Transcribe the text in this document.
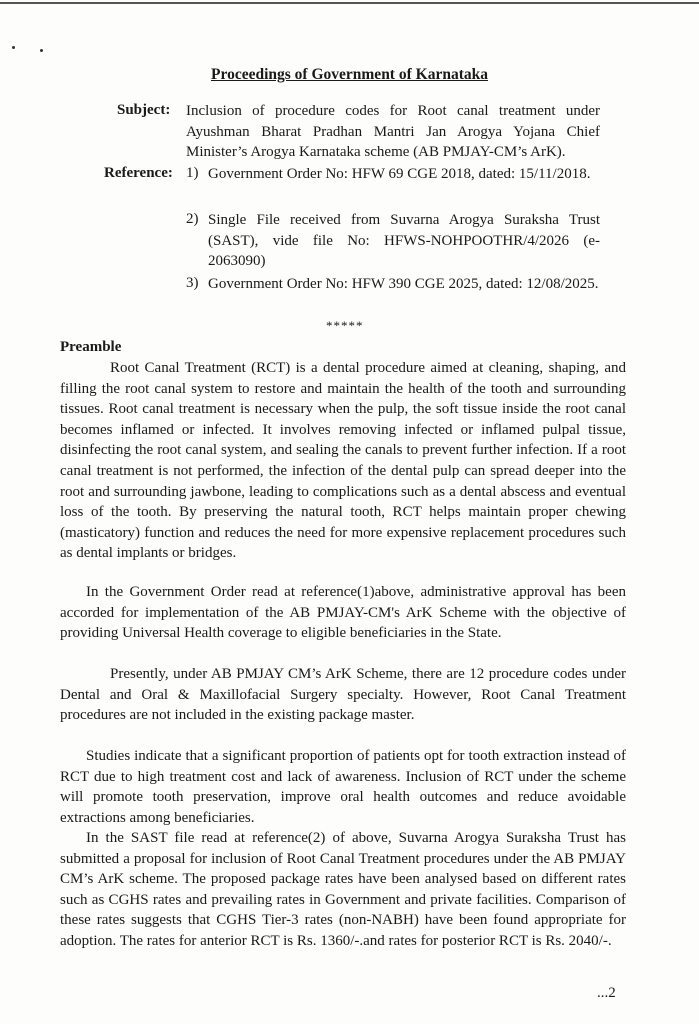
Proceedings of Government of Karnataka
Subject: Inclusion of procedure codes for Root canal treatment under Ayushman Bharat Pradhan Mantri Jan Arogya Yojana Chief Minister’s Arogya Karnataka scheme (AB PMJAY-CM’s ArK).
Reference: 1) Government Order No: HFW 69 CGE 2018, dated: 15/11/2018.
2) Single File received from Suvarna Arogya Suraksha Trust (SAST), vide file No: HFWS-NOHPOOTHR/4/2026 (e-2063090)
3) Government Order No: HFW 390 CGE 2025, dated: 12/08/2025.
*****
Preamble
Root Canal Treatment (RCT) is a dental procedure aimed at cleaning, shaping, and filling the root canal system to restore and maintain the health of the tooth and surrounding tissues. Root canal treatment is necessary when the pulp, the soft tissue inside the root canal becomes inflamed or infected. It involves removing infected or inflamed pulpal tissue, disinfecting the root canal system, and sealing the canals to prevent further infection. If a root canal treatment is not performed, the infection of the dental pulp can spread deeper into the root and surrounding jawbone, leading to complications such as a dental abscess and eventual loss of the tooth. By preserving the natural tooth, RCT helps maintain proper chewing (masticatory) function and reduces the need for more expensive replacement procedures such as dental implants or bridges.
In the Government Order read at reference(1)above, administrative approval has been accorded for implementation of the AB PMJAY-CM's ArK Scheme with the objective of providing Universal Health coverage to eligible beneficiaries in the State.
Presently, under AB PMJAY CM’s ArK Scheme, there are 12 procedure codes under Dental and Oral & Maxillofacial Surgery specialty. However, Root Canal Treatment procedures are not included in the existing package master.
Studies indicate that a significant proportion of patients opt for tooth extraction instead of RCT due to high treatment cost and lack of awareness. Inclusion of RCT under the scheme will promote tooth preservation, improve oral health outcomes and reduce avoidable extractions among beneficiaries.
In the SAST file read at reference(2) of above, Suvarna Arogya Suraksha Trust has submitted a proposal for inclusion of Root Canal Treatment procedures under the AB PMJAY CM’s ArK scheme. The proposed package rates have been analysed based on different rates such as CGHS rates and prevailing rates in Government and private facilities. Comparison of these rates suggests that CGHS Tier-3 rates (non-NABH) have been found appropriate for adoption. The rates for anterior RCT is Rs. 1360/-.and rates for posterior RCT is Rs. 2040/-.
...2
